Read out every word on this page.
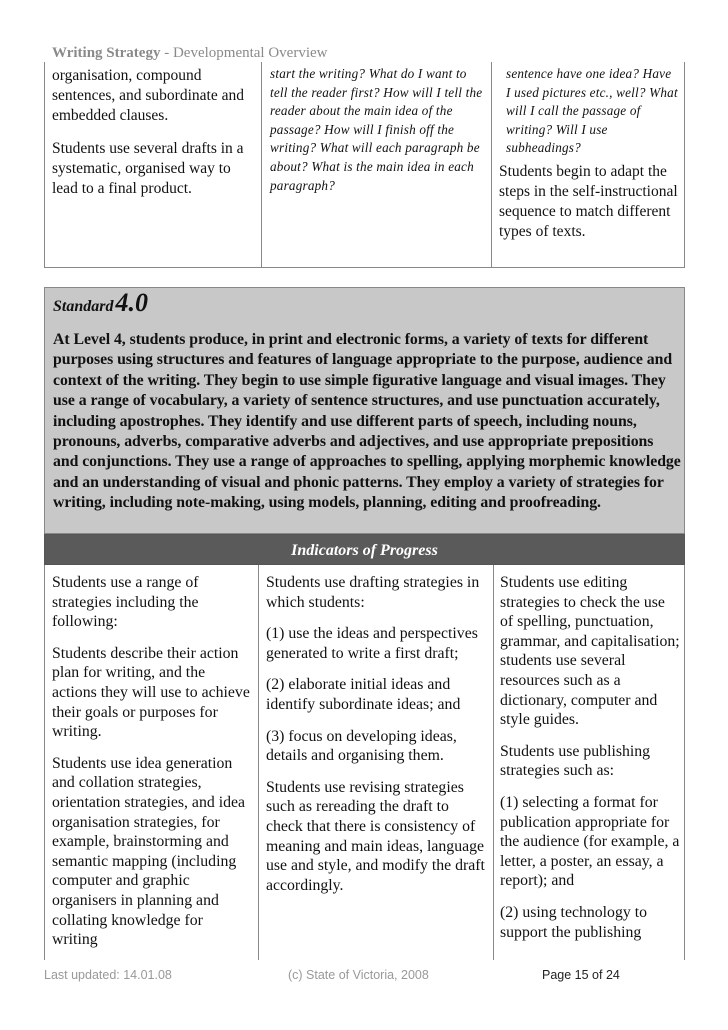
Writing Strategy - Developmental Overview

organisation, compound sentences, and subordinate and embedded clauses.

Students use several drafts in a systematic, organised way to lead to a final product.

start the writing? What do I want to tell the reader first? How will I tell the reader about the main idea of the passage? How will I finish off the writing? What will each paragraph be about? What is the main idea in each paragraph?

sentence have one idea? Have I used pictures etc., well? What will I call the passage of writing? Will I use subheadings?

Students begin to adapt the steps in the self-instructional sequence to match different types of texts.

Standard4.0
At Level 4, students produce, in print and electronic forms, a variety of texts for different purposes using structures and features of language appropriate to the purpose, audience and context of the writing. They begin to use simple figurative language and visual images. They use a range of vocabulary, a variety of sentence structures, and use punctuation accurately, including apostrophes. They identify and use different parts of speech, including nouns, pronouns, adverbs, comparative adverbs and adjectives, and use appropriate prepositions and conjunctions. They use a range of approaches to spelling, applying morphemic knowledge and an understanding of visual and phonic patterns. They employ a variety of strategies for writing, including note-making, using models, planning, editing and proofreading.
Indicators of Progress

Students use a range of strategies including the following:

Students describe their action plan for writing, and the actions they will use to achieve their goals or purposes for writing.

Students use idea generation and collation strategies, orientation strategies, and idea organisation strategies, for example, brainstorming and semantic mapping (including computer and graphic organisers in planning and collating knowledge for writing

Students use drafting strategies in which students:

(1) use the ideas and perspectives generated to write a first draft;

(2) elaborate initial ideas and identify subordinate ideas; and

(3) focus on developing ideas, details and organising them.

Students use revising strategies such as rereading the draft to check that there is consistency of meaning and main ideas, language use and style, and modify the draft accordingly.

Students use editing strategies to check the use of spelling, punctuation, grammar, and capitalisation; students use several resources such as a dictionary, computer and style guides.

Students use publishing strategies such as:

(1) selecting a format for publication appropriate for the audience (for example, a letter, a poster, an essay, a report); and

(2) using technology to support the publishing

Last updated: 14.01.08	(c) State of Victoria, 2008	Page 15 of 24
